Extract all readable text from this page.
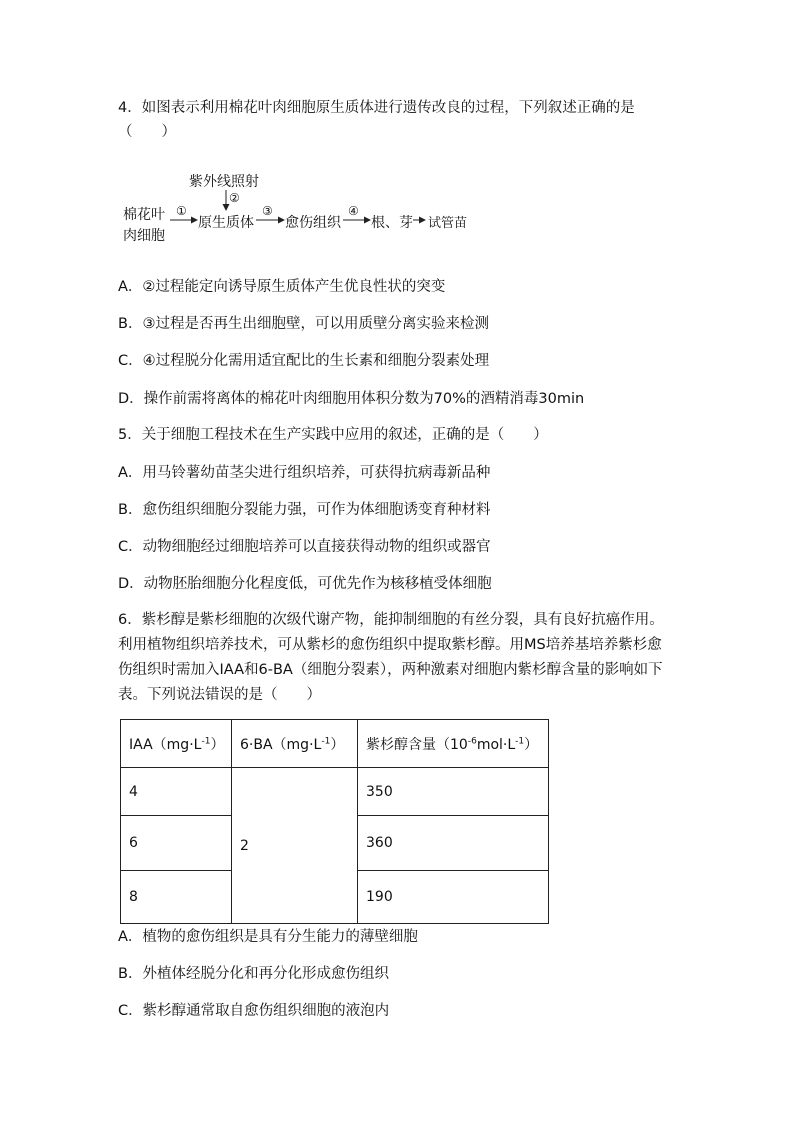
4．如图表示利用棉花叶肉细胞原生质体进行遗传改良的过程，下列叙述正确的是
（　　）
紫外线照射
棉花叶
肉细胞
①
②
原生质体
③
愈伤组织
④
根、芽 试管苗
A．②过程能定向诱导原生质体产生优良性状的突变
B．③过程是否再生出细胞壁，可以用质壁分离实验来检测
C．④过程脱分化需用适宜配比的生长素和细胞分裂素处理
D．操作前需将离体的棉花叶肉细胞用体积分数为70%的酒精消毒30min
5．关于细胞工程技术在生产实践中应用的叙述，正确的是（　　）
A．用马铃薯幼苗茎尖进行组织培养，可获得抗病毒新品种
B．愈伤组织细胞分裂能力强，可作为体细胞诱变育种材料
C．动物细胞经过细胞培养可以直接获得动物的组织或器官
D．动物胚胎细胞分化程度低，可优先作为核移植受体细胞
6．紫杉醇是紫杉细胞的次级代谢产物，能抑制细胞的有丝分裂，具有良好抗癌作用。
利用植物组织培养技术，可从紫杉的愈伤组织中提取紫杉醇。用MS培养基培养紫杉愈
伤组织时需加入IAA和6-BA（细胞分裂素），两种激素对细胞内紫杉醇含量的影响如下
表。下列说法错误的是（　　）
$IAA(mg\cdot L^{-1})$	$6\cdot BA(mg\cdot L^{-1})$	紫杉醇含量$(10^{-6}mol\cdot L^{-1})$
4	2	350
6		360
8		190
A．植物的愈伤组织是具有分生能力的薄壁细胞
B．外植体经脱分化和再分化形成愈伤组织
C．紫杉醇通常取自愈伤组织细胞的液泡内
